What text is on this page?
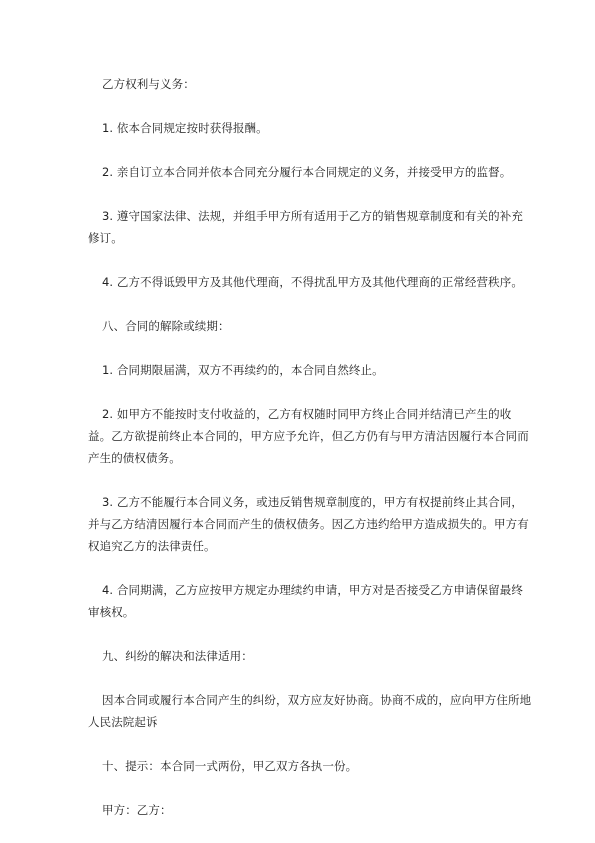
乙方权利与义务：

1. 依本合同规定按时获得报酬。

2. 亲自订立本合同并依本合同充分履行本合同规定的义务，并接受甲方的监督。

3. 遵守国家法律、法规，并组手甲方所有适用于乙方的销售规章制度和有关的补充修订。

4. 乙方不得诋毁甲方及其他代理商，不得扰乱甲方及其他代理商的正常经营秩序。

八、合同的解除或续期：

1. 合同期限届满，双方不再续约的，本合同自然终止。

2. 如甲方不能按时支付收益的，乙方有权随时同甲方终止合同并结清已产生的收益。乙方欲提前终止本合同的，甲方应予允许，但乙方仍有与甲方清洁因履行本合同而产生的债权债务。

3. 乙方不能履行本合同义务，或违反销售规章制度的，甲方有权提前终止其合同，并与乙方结清因履行本合同而产生的债权债务。因乙方违约给甲方造成损失的。甲方有权追究乙方的法律责任。

4. 合同期满，乙方应按甲方规定办理续约申请，甲方对是否接受乙方申请保留最终审核权。

九、纠纷的解决和法律适用：

因本合同或履行本合同产生的纠纷，双方应友好协商。协商不成的，应向甲方住所地人民法院起诉

十、提示：本合同一式两份，甲乙双方各执一份。

甲方：乙方：
